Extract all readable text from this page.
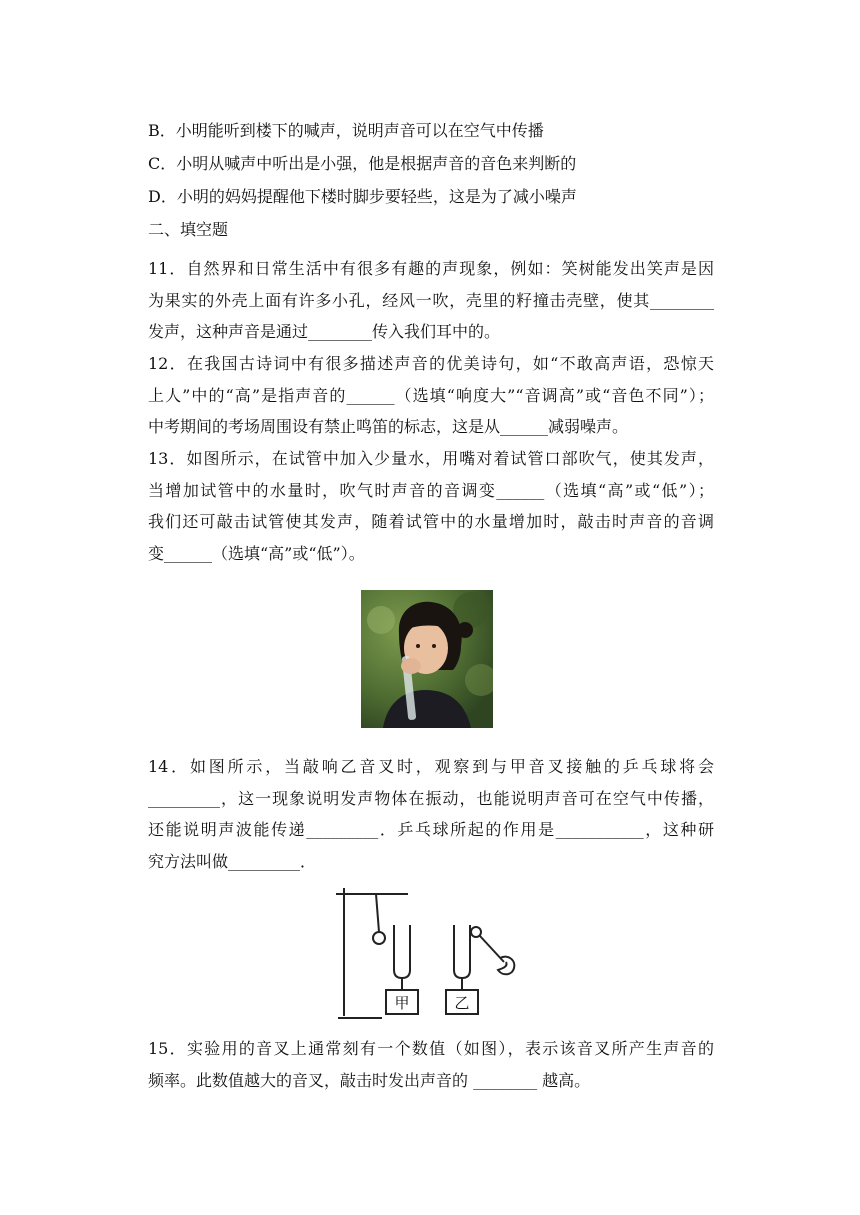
B．小明能听到楼下的喊声，说明声音可以在空气中传播
C．小明从喊声中听出是小强，他是根据声音的音色来判断的
D．小明的妈妈提醒他下楼时脚步要轻些，这是为了减小噪声
二、填空题
11．自然界和日常生活中有很多有趣的声现象，例如：笑树能发出笑声是因
为果实的外壳上面有许多小孔，经风一吹，壳里的籽撞击壳壁，使其________
发声，这种声音是通过________传入我们耳中的。
12．在我国古诗词中有很多描述声音的优美诗句，如“不敢高声语，恐惊天
上人”中的“高”是指声音的______（选填“响度大”“音调高”或“音色不同”）；
中考期间的考场周围设有禁止鸣笛的标志，这是从______减弱噪声。
13．如图所示，在试管中加入少量水，用嘴对着试管口部吹气，使其发声，
当增加试管中的水量时，吹气时声音的音调变______（选填“高”或“低”）；
我们还可敲击试管使其发声，随着试管中的水量增加时，敲击时声音的音调
变______（选填“高”或“低”）。
14．如图所示，当敲响乙音叉时，观察到与甲音叉接触的乒乓球将会
_________，这一现象说明发声物体在振动，也能说明声音可在空气中传播，
还能说明声波能传递_________．乒乓球所起的作用是___________，这种研
究方法叫做_________．
甲	乙
15．实验用的音叉上通常刻有一个数值（如图），表示该音叉所产生声音的
频率。此数值越大的音叉，敲击时发出声音的 ________ 越高。
